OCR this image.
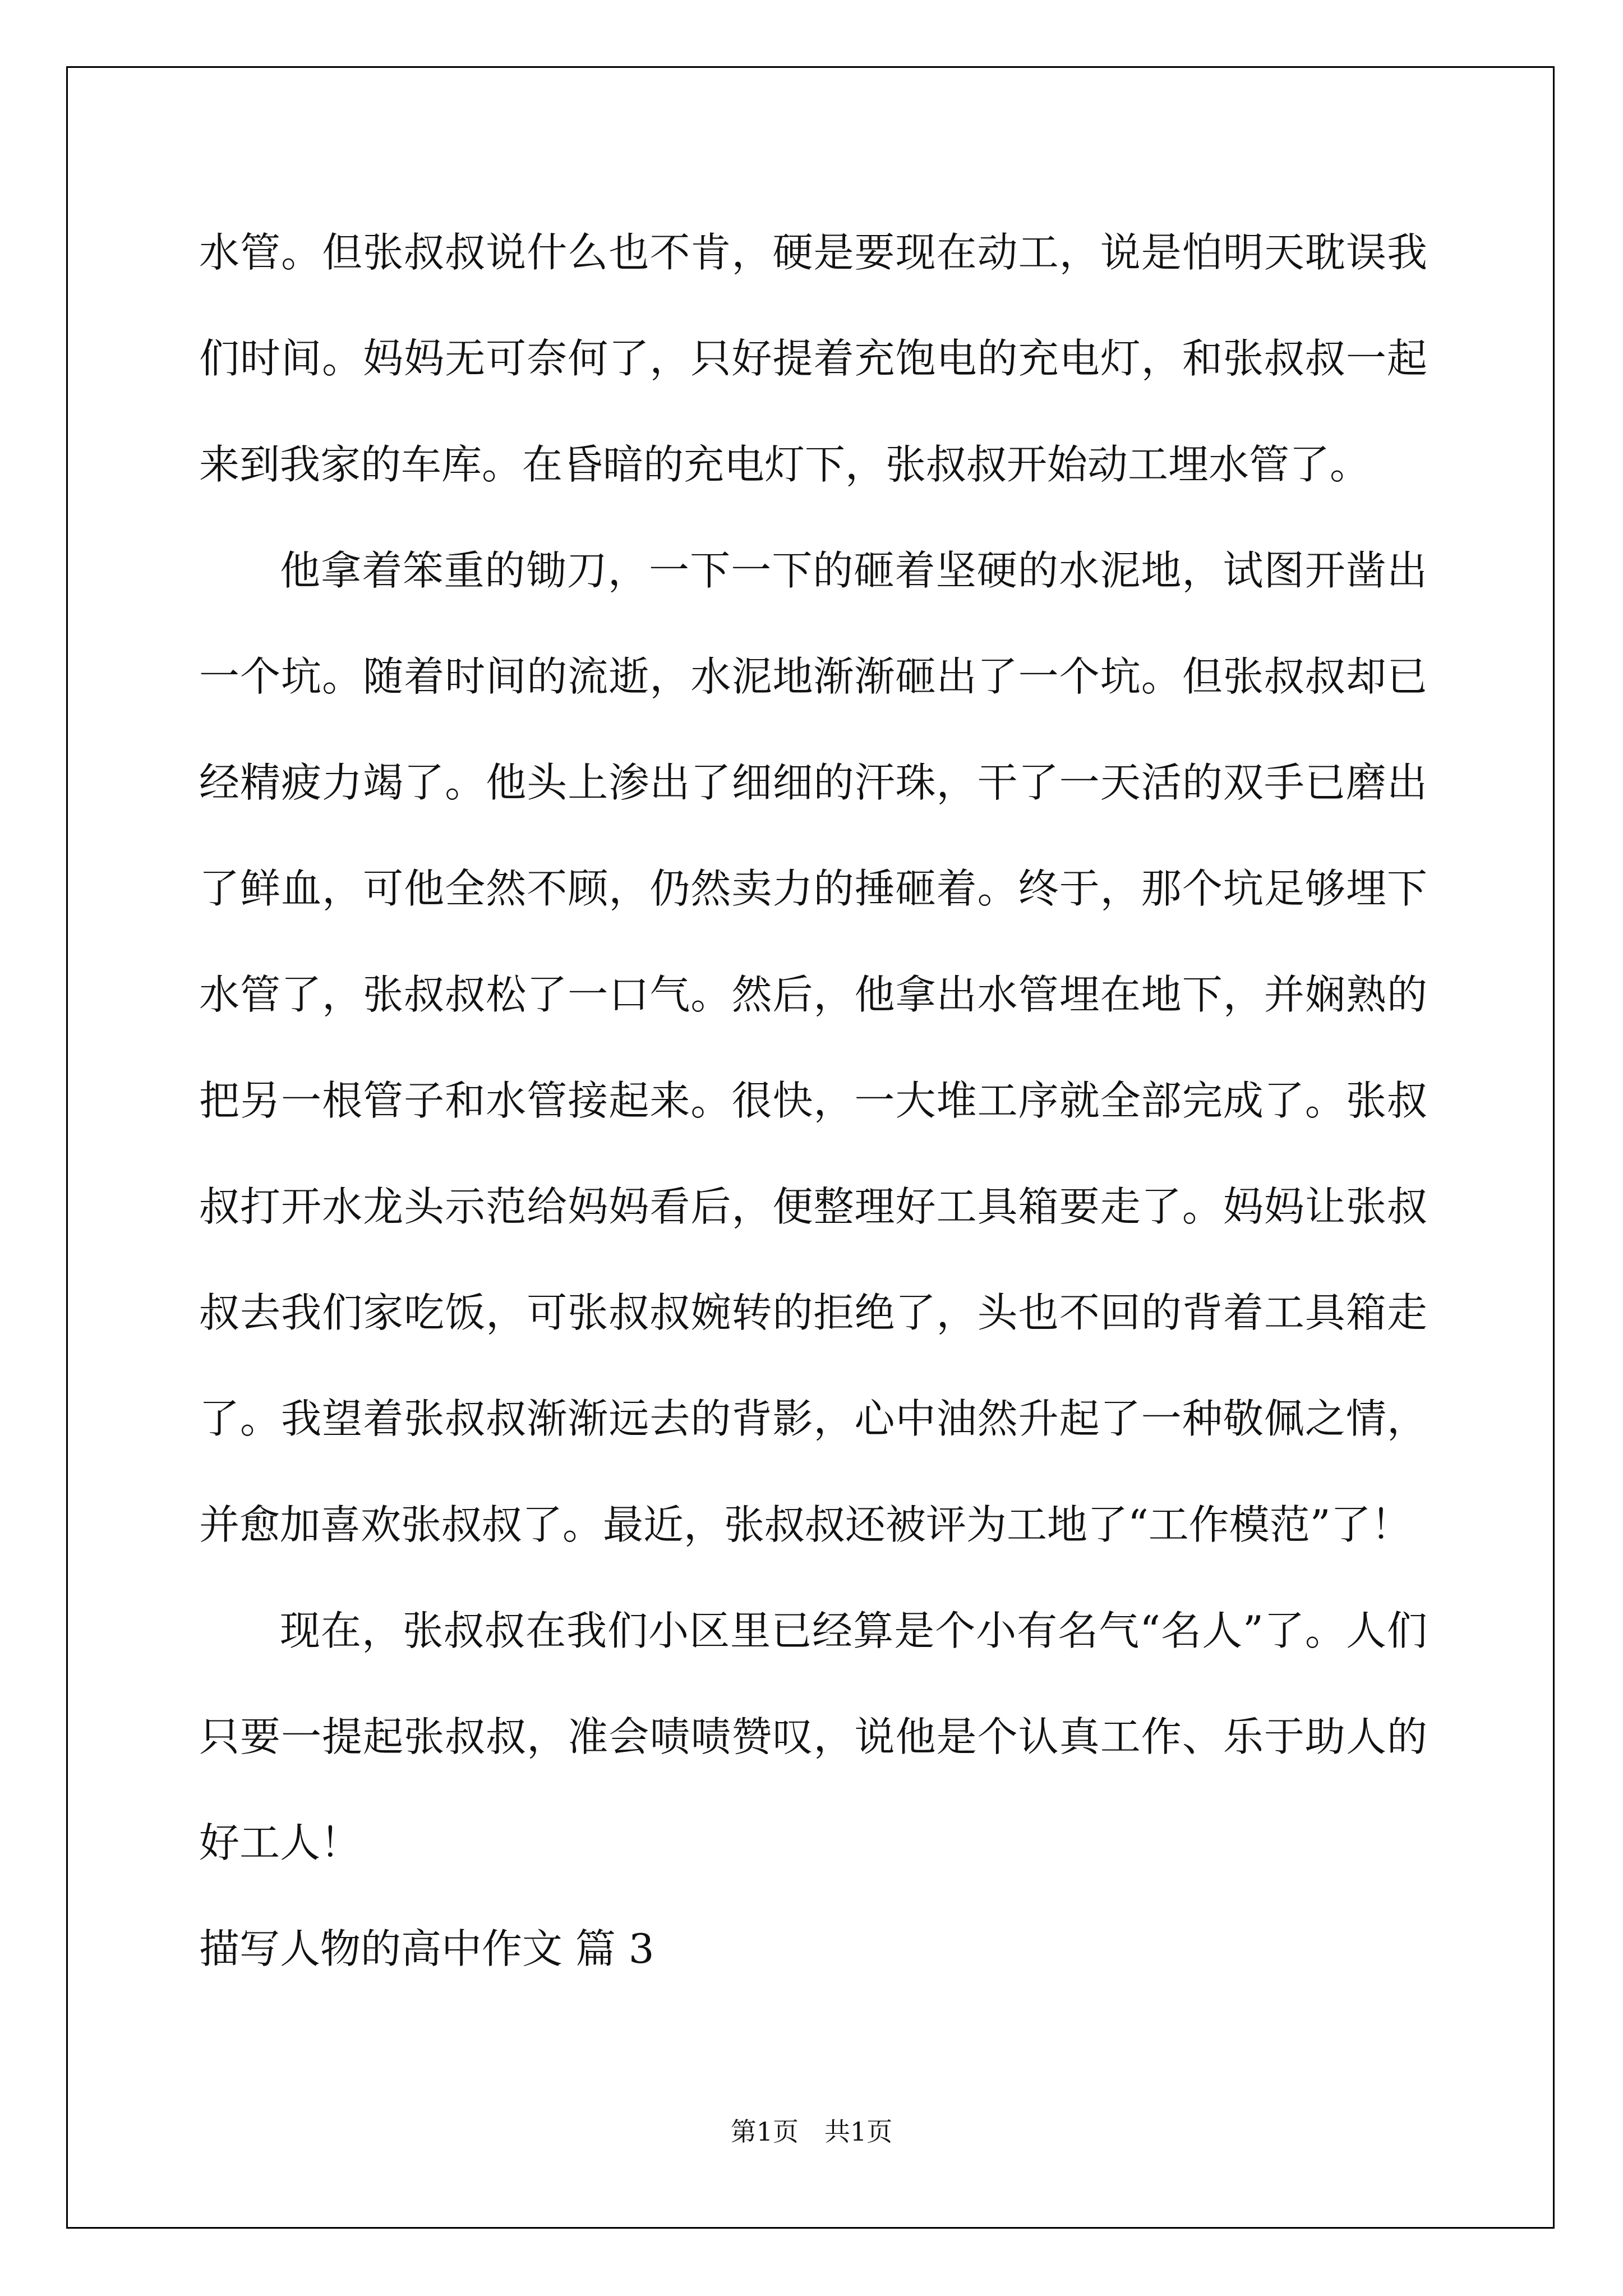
水管。但张叔叔说什么也不肯，硬是要现在动工，说是怕明天耽误我们时间。妈妈无可奈何了，只好提着充饱电的充电灯，和张叔叔一起来到我家的车库。在昏暗的充电灯下，张叔叔开始动工埋水管了。

他拿着笨重的锄刀，一下一下的砸着坚硬的水泥地，试图开凿出一个坑。随着时间的流逝，水泥地渐渐砸出了一个坑。但张叔叔却已经精疲力竭了。他头上渗出了细细的汗珠，干了一天活的双手已磨出了鲜血，可他全然不顾，仍然卖力的捶砸着。终于，那个坑足够埋下水管了，张叔叔松了一口气。然后，他拿出水管埋在地下，并娴熟的把另一根管子和水管接起来。很快，一大堆工序就全部完成了。张叔叔打开水龙头示范给妈妈看后，便整理好工具箱要走了。妈妈让张叔叔去我们家吃饭，可张叔叔婉转的拒绝了，头也不回的背着工具箱走了。我望着张叔叔渐渐远去的背影，心中油然升起了一种敬佩之情，并愈加喜欢张叔叔了。最近，张叔叔还被评为工地了“工作模范”了！

现在，张叔叔在我们小区里已经算是个小有名气“名人”了。人们只要一提起张叔叔，准会啧啧赞叹，说他是个认真工作、乐于助人的好工人！

描写人物的高中作文 篇 3

第1页　共1页
